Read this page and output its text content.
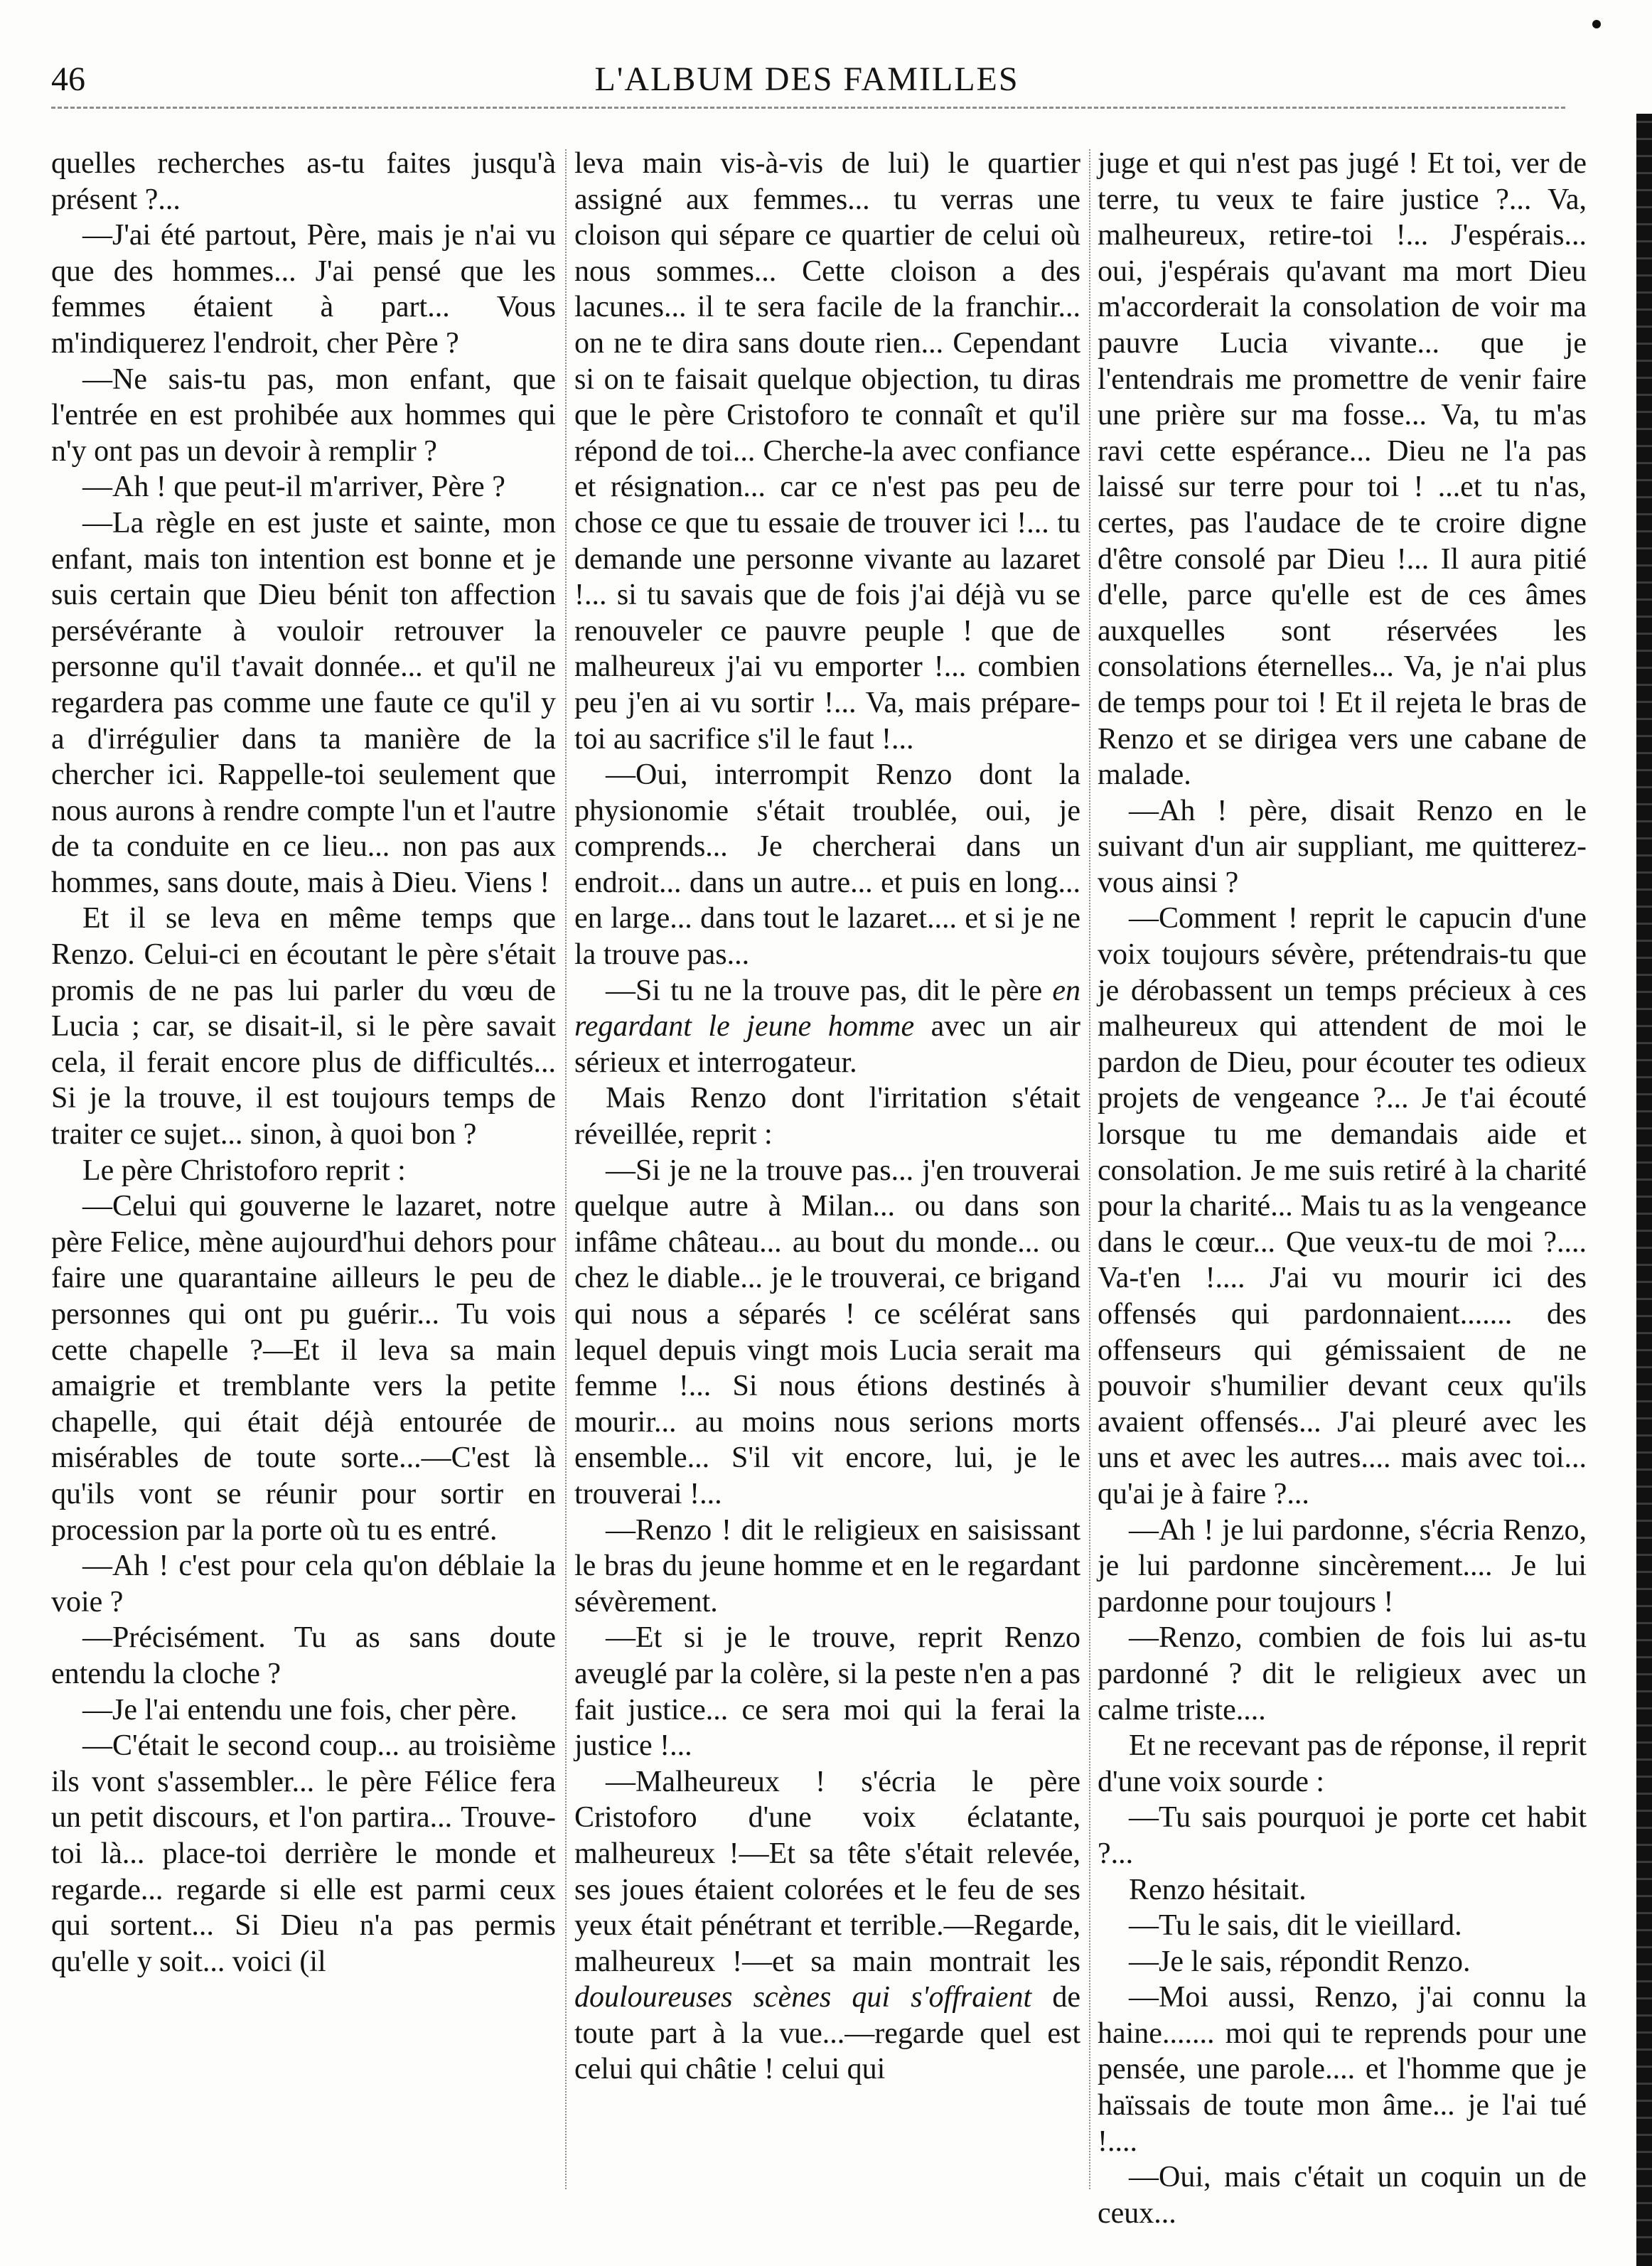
46	L'ALBUM DES FAMILLES

quelles recherches as-tu faites jusqu'à présent ?...

—J'ai été partout, Père, mais je n'ai vu que des hommes... J'ai pensé que les femmes étaient à part... Vous m'indiquerez l'endroit, cher Père ?

—Ne sais-tu pas, mon enfant, que l'entrée en est prohibée aux hommes qui n'y ont pas un devoir à remplir ?

—Ah ! que peut-il m'arriver, Père ?

—La règle en est juste et sainte, mon enfant, mais ton intention est bonne et je suis certain que Dieu bénit ton affection persévérante à vouloir retrouver la personne qu'il t'avait donnée... et qu'il ne regardera pas comme une faute ce qu'il y a d'irrégulier dans ta manière de la chercher ici. Rappelle-toi seulement que nous aurons à rendre compte l'un et l'autre de ta conduite en ce lieu... non pas aux hommes, sans doute, mais à Dieu. Viens !

Et il se leva en même temps que Renzo. Celui-ci en écoutant le père s'était promis de ne pas lui parler du vœu de Lucia ; car, se disait-il, si le père savait cela, il ferait encore plus de difficultés... Si je la trouve, il est toujours temps de traiter ce sujet... sinon, à quoi bon ?

Le père Christoforo reprit :

—Celui qui gouverne le lazaret, notre père Felice, mène aujourd'hui dehors pour faire une quarantaine ailleurs le peu de personnes qui ont pu guérir... Tu vois cette chapelle ?—Et il leva sa main amaigrie et tremblante vers la petite chapelle, qui était déjà entourée de misérables de toute sorte...—C'est là qu'ils vont se réunir pour sortir en procession par la porte où tu es entré.

—Ah ! c'est pour cela qu'on déblaie la voie ?

—Précisément. Tu as sans doute entendu la cloche ?

—Je l'ai entendu une fois, cher père.

—C'était le second coup... au troisième ils vont s'assembler... le père Félice fera un petit discours, et l'on partira... Trouve-toi là... place-toi derrière le monde et regarde... regarde si elle est parmi ceux qui sortent... Si Dieu n'a pas permis qu'elle y soit... voici (il

leva main vis-à-vis de lui) le quartier assigné aux femmes... tu verras une cloison qui sépare ce quartier de celui où nous sommes... Cette cloison a des lacunes... il te sera facile de la franchir... on ne te dira sans doute rien... Cependant si on te faisait quelque objection, tu diras que le père Cristoforo te connaît et qu'il répond de toi... Cherche-la avec confiance et résignation... car ce n'est pas peu de chose ce que tu essaie de trouver ici !... tu demande une personne vivante au lazaret !... si tu savais que de fois j'ai déjà vu se renouveler ce pauvre peuple ! que de malheureux j'ai vu emporter !... combien peu j'en ai vu sortir !... Va, mais prépare-toi au sacrifice s'il le faut !...

—Oui, interrompit Renzo dont la physionomie s'était troublée, oui, je comprends... Je chercherai dans un endroit... dans un autre... et puis en long... en large... dans tout le lazaret.... et si je ne la trouve pas...

—Si tu ne la trouve pas, dit le père en regardant le jeune homme avec un air sérieux et interrogateur.

Mais Renzo dont l'irritation s'était réveillée, reprit :

—Si je ne la trouve pas... j'en trouverai quelque autre à Milan... ou dans son infâme château... au bout du monde... ou chez le diable... je le trouverai, ce brigand qui nous a séparés ! ce scélérat sans lequel depuis vingt mois Lucia serait ma femme !... Si nous étions destinés à mourir... au moins nous serions morts ensemble... S'il vit encore, lui, je le trouverai !...

—Renzo ! dit le religieux en saisissant le bras du jeune homme et en le regardant sévèrement.

—Et si je le trouve, reprit Renzo aveuglé par la colère, si la peste n'en a pas fait justice... ce sera moi qui la ferai la justice !...

—Malheureux ! s'écria le père Cristoforo d'une voix éclatante, malheureux !—Et sa tête s'était relevée, ses joues étaient colorées et le feu de ses yeux était pénétrant et terrible.—Regarde, malheureux !—et sa main montrait les douloureuses scènes qui s'offraient de toute part à la vue...—regarde quel est celui qui châtie ! celui qui

juge et qui n'est pas jugé ! Et toi, ver de terre, tu veux te faire justice ?... Va, malheureux, retire-toi !... J'espérais... oui, j'espérais qu'avant ma mort Dieu m'accorderait la consolation de voir ma pauvre Lucia vivante... que je l'entendrais me promettre de venir faire une prière sur ma fosse... Va, tu m'as ravi cette espérance... Dieu ne l'a pas laissé sur terre pour toi ! ...et tu n'as, certes, pas l'audace de te croire digne d'être consolé par Dieu !... Il aura pitié d'elle, parce qu'elle est de ces âmes auxquelles sont réservées les consolations éternelles... Va, je n'ai plus de temps pour toi ! Et il rejeta le bras de Renzo et se dirigea vers une cabane de malade.

—Ah ! père, disait Renzo en le suivant d'un air suppliant, me quitterez-vous ainsi ?

—Comment ! reprit le capucin d'une voix toujours sévère, prétendrais-tu que je dérobassent un temps précieux à ces malheureux qui attendent de moi le pardon de Dieu, pour écouter tes odieux projets de vengeance ?... Je t'ai écouté lorsque tu me demandais aide et consolation. Je me suis retiré à la charité pour la charité... Mais tu as la vengeance dans le cœur... Que veux-tu de moi ?.... Va-t'en !.... J'ai vu mourir ici des offensés qui pardonnaient....... des offenseurs qui gémissaient de ne pouvoir s'humilier devant ceux qu'ils avaient offensés... J'ai pleuré avec les uns et avec les autres.... mais avec toi... qu'ai je à faire ?...

—Ah ! je lui pardonne, s'écria Renzo, je lui pardonne sincèrement.... Je lui pardonne pour toujours !

—Renzo, combien de fois lui as-tu pardonné ? dit le religieux avec un calme triste....

Et ne recevant pas de réponse, il reprit d'une voix sourde :

—Tu sais pourquoi je porte cet habit ?...

Renzo hésitait.

—Tu le sais, dit le vieillard.

—Je le sais, répondit Renzo.

—Moi aussi, Renzo, j'ai connu la haine....... moi qui te reprends pour une pensée, une parole.... et l'homme que je haïssais de toute mon âme... je l'ai tué !....

—Oui, mais c'était un coquin un de ceux...
